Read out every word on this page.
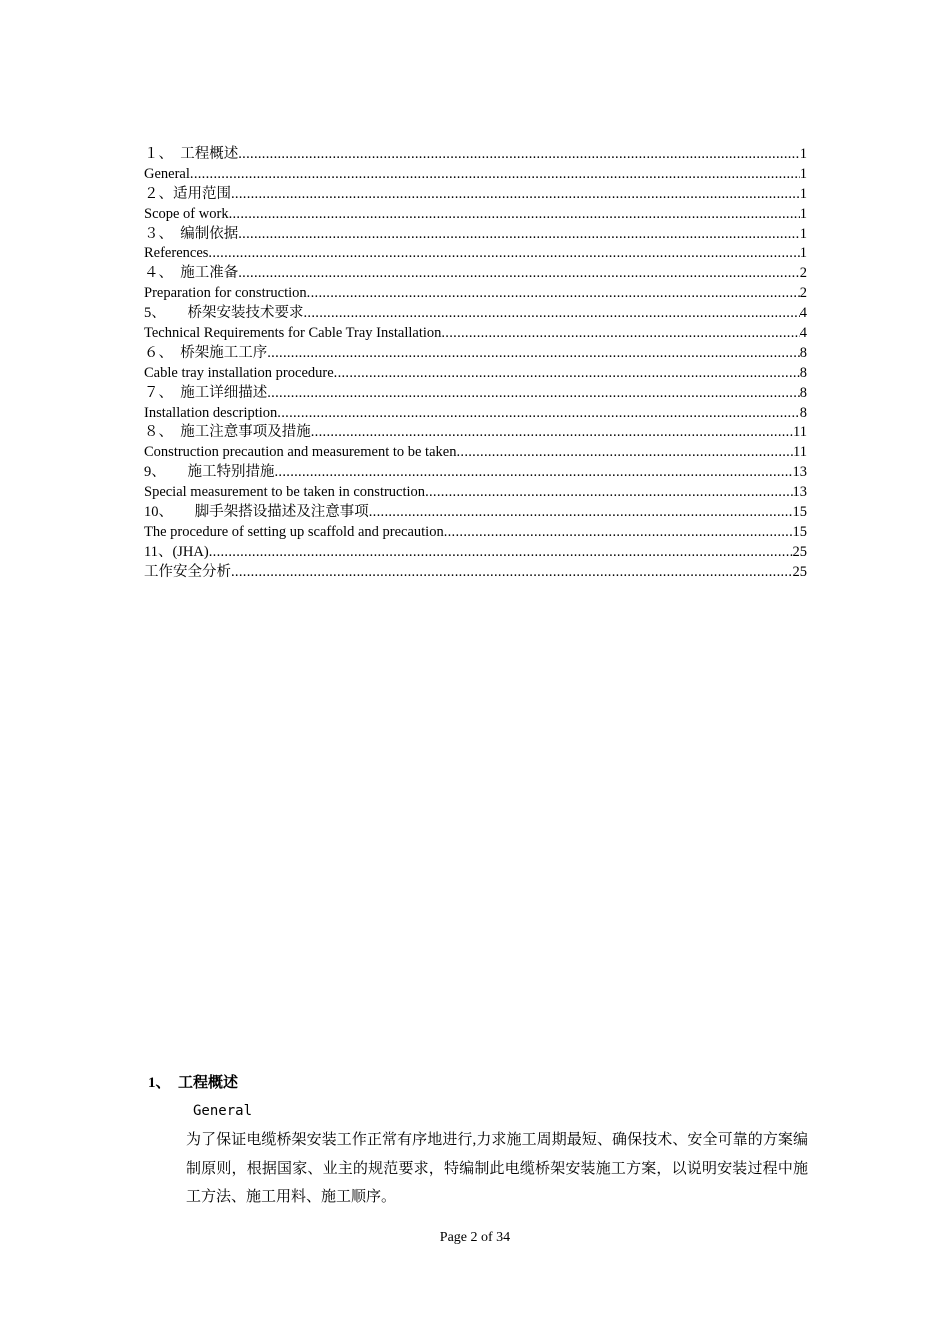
１、　工程概述 .....	1
General .....	1
２、适用范围 .....	1
Scope of work .....	1
３、　编制依据 .....	1
References .....	1
４、　施工准备 .....	2
Preparation for construction .....	2
5、　　桥架安装技术要求 .....	4
Technical Requirements for Cable Tray Installation .....	4
６、　桥架施工工序 .....	8
Cable tray installation procedure .....	8
７、　施工详细描述 .....	8
Installation description .....	8
８、　施工注意事项及措施 .....	11
Construction precaution and measurement to be taken .....	11
9、　　施工特别措施 .....	13
Special measurement to be taken in construction .....	13
10、　　脚手架搭设描述及注意事项 .....	15
The procedure of setting up scaffold and precaution .....	15
11、(JHA) .....	25
工作安全分析 .....	25
1、　工程概述
General
为了保证电缆桥架安装工作正常有序地进行,力求施工周期最短、确保技术、安全可靠的方案编制原则，根据国家、业主的规范要求，特编制此电缆桥架安装施工方案，以说明安装过程中施工方法、施工用料、施工顺序。
Page 2 of 34
